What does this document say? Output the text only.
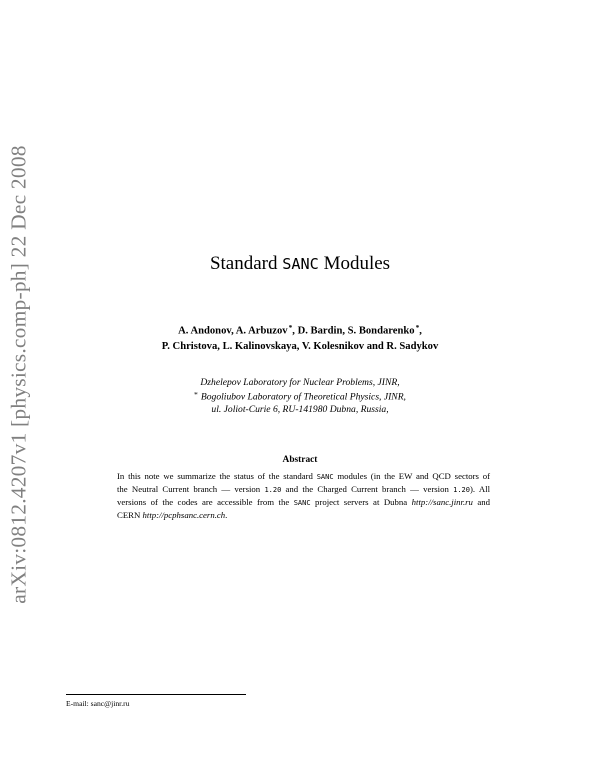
arXiv:0812.4207v1 [physics.comp-ph] 22 Dec 2008	Standard SANC Modules
A. Andonov, A. Arbuzov*, D. Bardin, S. Bondarenko*,
P. Christova, L. Kalinovskaya, V. Kolesnikov and R. Sadykov
Dzhelepov Laboratory for Nuclear Problems, JINR,
* Bogoliubov Laboratory of Theoretical Physics, JINR,
ul. Joliot-Curie 6, RU-141980 Dubna, Russia,
Abstract
In this note we summarize the status of the standard SANC modules (in the EW and QCD sectors of
the Neutral Current branch — version 1.20 and the Charged Current branch — version 1.20). All
versions of the codes are accessible from the SANC project servers at Dubna http://sanc.jinr.ru and
CERN http://pcphsanc.cern.ch.
E-mail: sanc@jinr.ru
